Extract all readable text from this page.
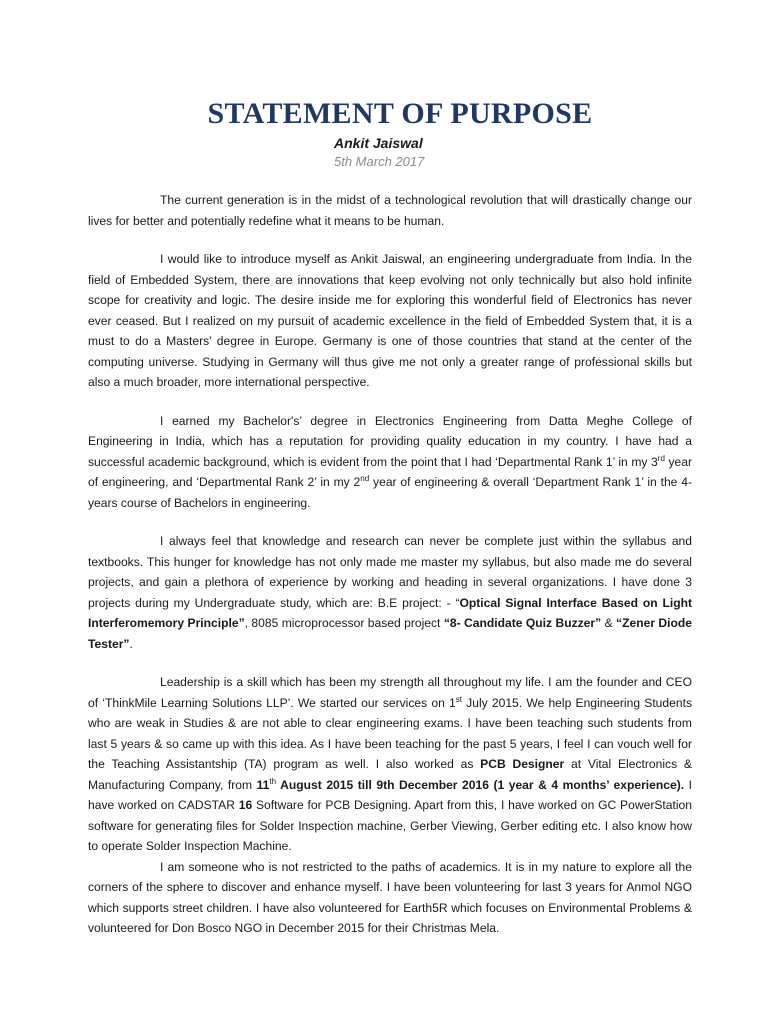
STATEMENT OF PURPOSE
Ankit Jaiswal
5th March 2017

The current generation is in the midst of a technological revolution that will drastically change our lives for better and potentially redefine what it means to be human.

I would like to introduce myself as Ankit Jaiswal, an engineering undergraduate from India. In the field of Embedded System, there are innovations that keep evolving not only technically but also hold infinite scope for creativity and logic. The desire inside me for exploring this wonderful field of Electronics has never ever ceased. But I realized on my pursuit of academic excellence in the field of Embedded System that, it is a must to do a Masters’ degree in Europe. Germany is one of those countries that stand at the center of the computing universe. Studying in Germany will thus give me not only a greater range of professional skills but also a much broader, more international perspective.

I earned my Bachelor's’ degree in Electronics Engineering from Datta Meghe College of Engineering in India, which has a reputation for providing quality education in my country. I have had a successful academic background, which is evident from the point that I had ‘Departmental Rank 1’ in my 3rd year of engineering, and ‘Departmental Rank 2’ in my 2nd year of engineering & overall ‘Department Rank 1’ in the 4-years course of Bachelors in engineering.

I always feel that knowledge and research can never be complete just within the syllabus and textbooks. This hunger for knowledge has not only made me master my syllabus, but also made me do several projects, and gain a plethora of experience by working and heading in several organizations. I have done 3 projects during my Undergraduate study, which are: B.E project: - “Optical Signal Interface Based on Light Interferomemory Principle”, 8085 microprocessor based project “8- Candidate Quiz Buzzer” & “Zener Diode Tester”.

Leadership is a skill which has been my strength all throughout my life. I am the founder and CEO of ‘ThinkMile Learning Solutions LLP’. We started our services on 1st July 2015. We help Engineering Students who are weak in Studies & are not able to clear engineering exams. I have been teaching such students from last 5 years & so came up with this idea. As I have been teaching for the past 5 years, I feel I can vouch well for the Teaching Assistantship (TA) program as well. I also worked as PCB Designer at Vital Electronics & Manufacturing Company, from 11th August 2015 till 9th December 2016 (1 year & 4 months’ experience). I have worked on CADSTAR 16 Software for PCB Designing. Apart from this, I have worked on GC PowerStation software for generating files for Solder Inspection machine, Gerber Viewing, Gerber editing etc. I also know how to operate Solder Inspection Machine.

I am someone who is not restricted to the paths of academics. It is in my nature to explore all the corners of the sphere to discover and enhance myself. I have been volunteering for last 3 years for Anmol NGO which supports street children. I have also volunteered for Earth5R which focuses on Environmental Problems & volunteered for Don Bosco NGO in December 2015 for their Christmas Mela.
